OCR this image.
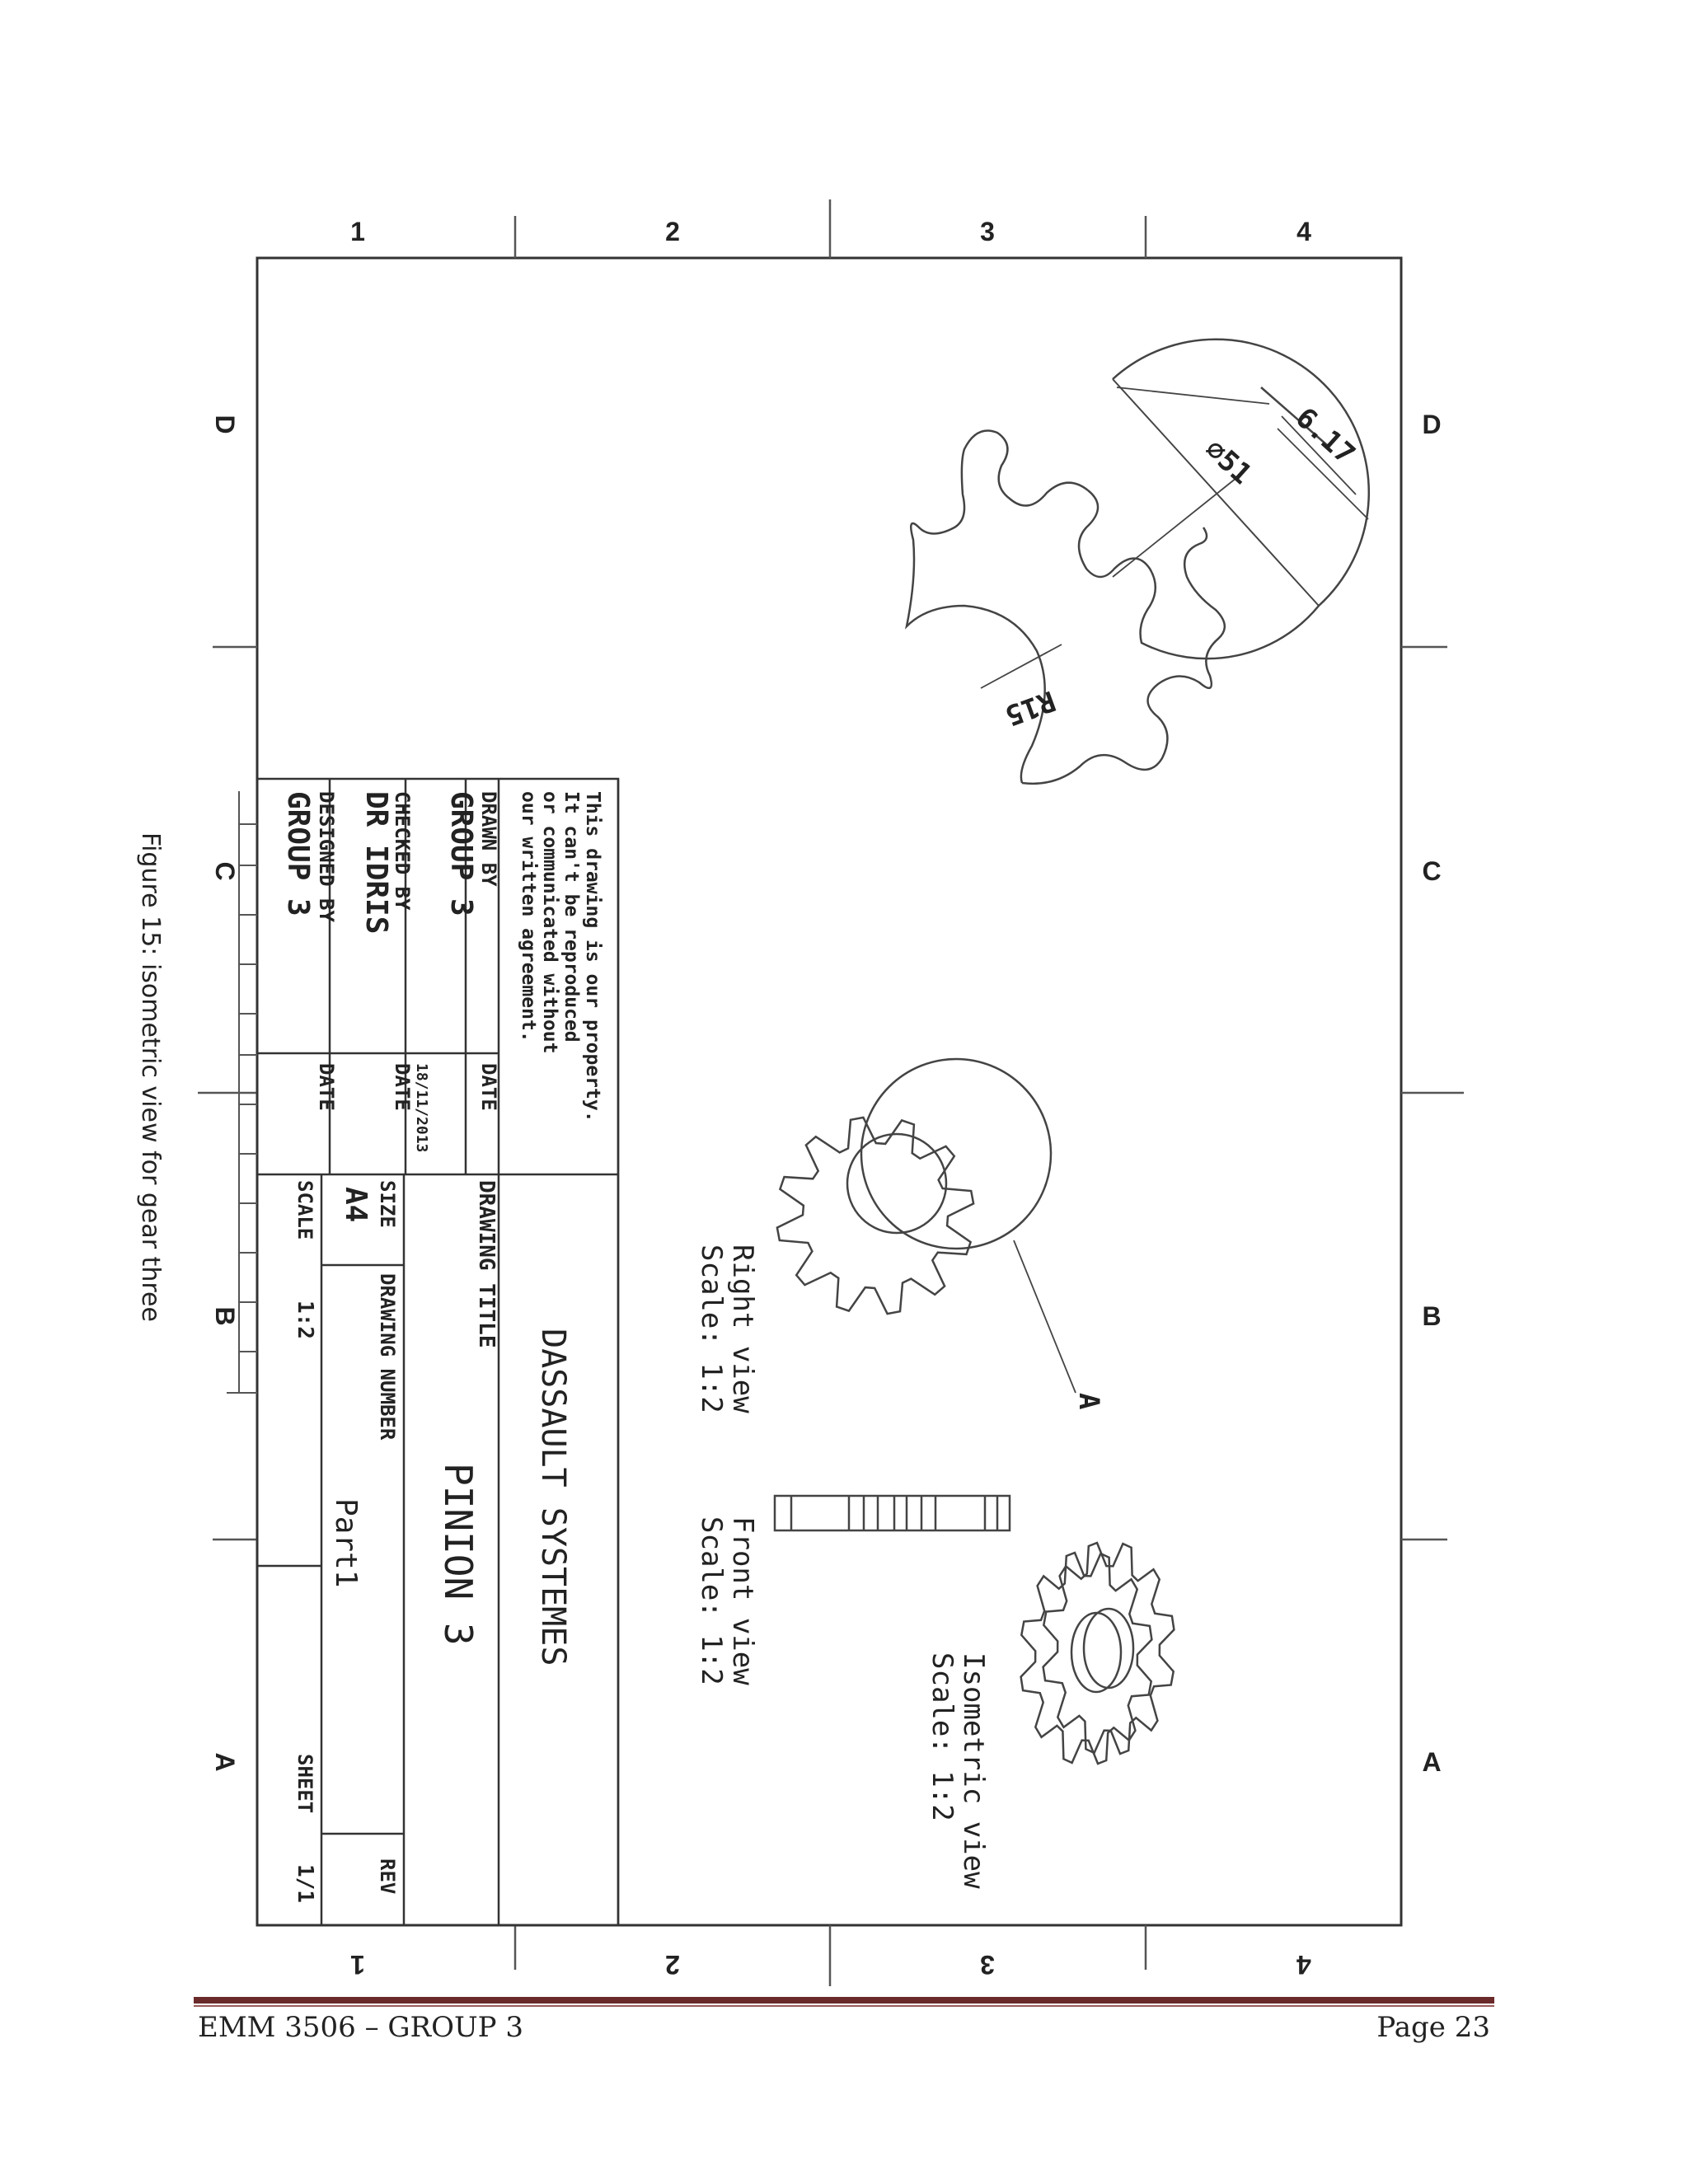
1	2	3	4
1	2	3	4
D
C
B
A
D
C
B
A
6.17
∅51
R15
A
Right view
Scale: 1:2
Front view
Scale: 1:2
Isometric view
Scale: 1:2
This drawing is our property.
It can't be reproduced
or communicated without
our written agreement.
DRAWN BY
GROUP 3
DATE
CHECKED BY
DR IDRIS
DATE 18/11/2013
DESIGNED BY
GROUP 3
DATE
DASSAULT SYSTEMES
DRAWING TITLE
PINION 3
SIZE
A4
DRAWING NUMBER
Part1
REV
SCALE
1:2
SHEET
1/1
Figure 15: isometric view for gear three
EMM 3506 – GROUP 3	Page 23
